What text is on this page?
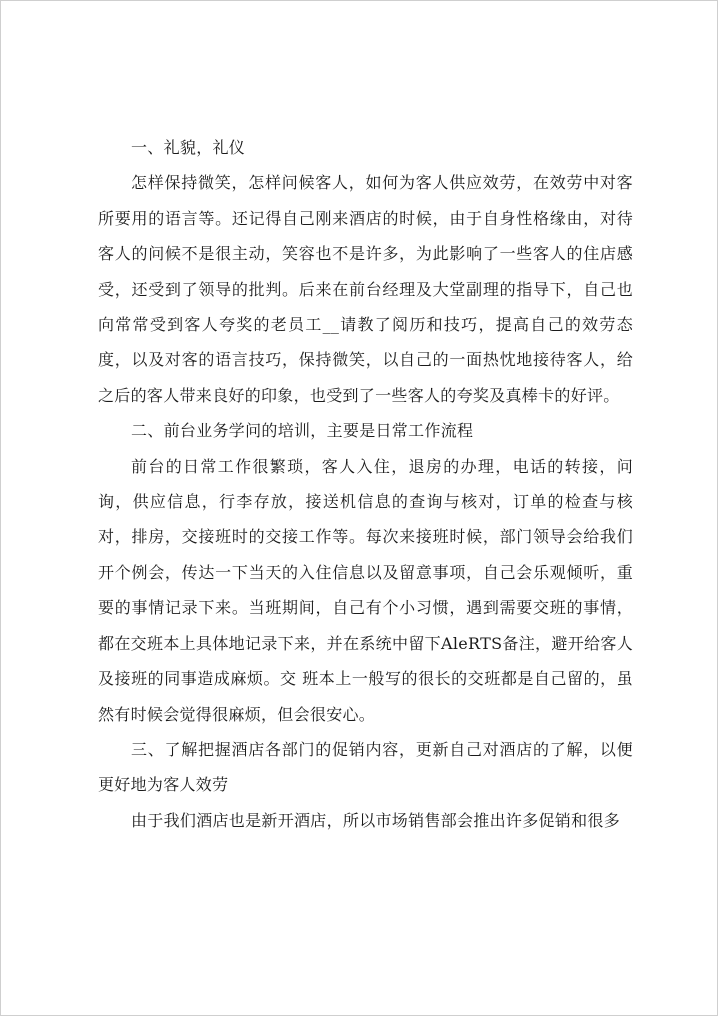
一、礼貌，礼仪

怎样保持微笑，怎样问候客人，如何为客人供应效劳，在效劳中对客所要用的语言等。还记得自己刚来酒店的时候，由于自身性格缘由，对待客人的问候不是很主动，笑容也不是许多，为此影响了一些客人的住店感受，还受到了领导的批判。后来在前台经理及大堂副理的指导下，自己也向常常受到客人夸奖的老员工__请教了阅历和技巧，提高自己的效劳态度，以及对客的语言技巧，保持微笑，以自己的一面热忱地接待客人，给之后的客人带来良好的印象，也受到了一些客人的夸奖及真棒卡的好评。

二、前台业务学问的培训，主要是日常工作流程

前台的日常工作很繁琐，客人入住，退房的办理，电话的转接，问询，供应信息，行李存放，接送机信息的查询与核对，订单的检查与核对，排房，交接班时的交接工作等。每次来接班时候，部门领导会给我们开个例会，传达一下当天的入住信息以及留意事项，自己会乐观倾听，重要的事情记录下来。当班期间，自己有个小习惯，遇到需要交班的事情，都在交班本上具体地记录下来，并在系统中留下AleRTS备注，避开给客人及接班的同事造成麻烦。交 班本上一般写的很长的交班都是自己留的，虽然有时候会觉得很麻烦，但会很安心。

三、了解把握酒店各部门的促销内容，更新自己对酒店的了解，以便更好地为客人效劳

由于我们酒店也是新开酒店，所以市场销售部会推出许多促销和很多
